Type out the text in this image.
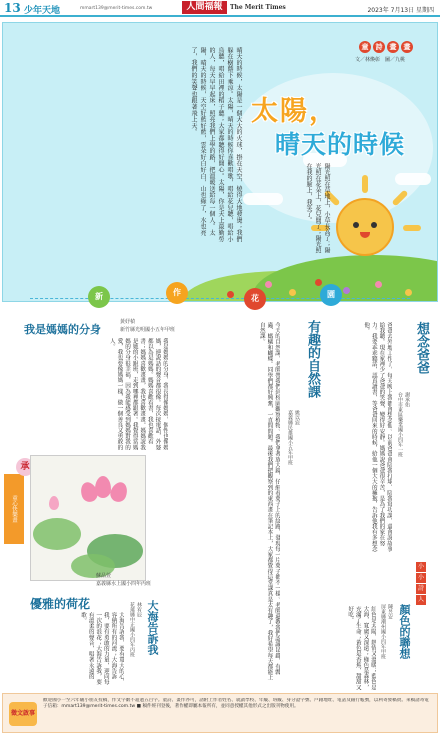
13 少年天地	mmart139@merit-times.com.tw	人間福報	The Merit Times	2023年 7月13日 星期四
童	詩	畫	畫
文／林煥彰　圖／九桃
太陽，
晴天的時候
晴天的時候，太陽是一個大大的火球，掛在天空，燒得大地發燙；我們躲在樹蔭下乘涼。太陽，晴天的時候你喜歡唱歌，唱給花兒聽，唱給小鳥聽，唱給田裡的稻子聽；大家都聽得好開心。太陽，你是天上最勤勞的人，每天早早起床，照亮我們上學的路，把溫暖送給每一個人。太陽，晴天的時候，天空好藍好藍，雲朵好白好白，山也綠了，水也亮了，我們的笑聲也跟著飛上天。
陽光照在草地上，小草長高了；陽光照在花朵上，花兒開了；陽光照在我的臉上，我笑了。
新	作
花	園
想念爸爸
謝承佑
台中市東區樂業國小四年一班
爸爸去外地工作了，每天晚上我都會想念他。以前爸爸會陪我打球、陪我寫功課，還會說故事給我聽。現在家裡少了爸爸的笑聲，變得好安靜。媽媽說爸爸很辛苦，是為了我們的家在努力。我要乖乖聽話，認真讀書，等爸爸回來的時候，給他一個大大的擁抱，告訴他我有多想念他。
有趣的自然課
姚以宸
嘉義縣民雄國小五年甲班
今天的自然課，老師帶我們到校園觀察植物。我們拿著放大鏡，仔細看葉子上的紋路，發現每一片葉子都不一樣。老師還教我們認識昆蟲，有瓢蟲、螞蟻和蝴蝶。同學們都好興奮，一直問問題。最後我們把觀察到的東西畫在筆記本上，大家都覺得這堂課真是太有趣了，我好希望每天都能上自然課。
我是媽媽的分身
黃妤楨
新竹縣光明國小五年甲班
我是媽媽的分身，我長得像媽媽，個性也像媽媽，連說話的聲音都很像。每次接電話，外婆都以為是媽媽。媽媽喜歡看書，我也喜歡看書；媽媽喜歡畫畫，我也喜歡畫畫。媽媽說我是她的小跟班，走到哪裡都跟著。我覺得當媽媽的分身很幸福，因為我能感受到媽媽對我的愛，我也要像媽媽一樣，做一個善良又勇敢的人。
童心快樂畫
承
蘇品萱
嘉義縣水上國小四年丙班
優雅的荷花	大海告訴我
林宥辰
花蓮縣中正國小四年丙班
大海告訴我，要有寬大的心，容納所有的河流；大海告訴我，要有勇敢的力量，迎向每一次的浪花；大海告訴我，要有溫柔的聲音，唱著永遠的歌。
小
小
詩
人
顏色的聯想
陳昱安
屏東縣潮州國小四年甲班
紅色是太陽，熱情又溫暖；藍色是大海，寬廣又深遠；綠色是森林，充滿了生命；黃色是香蕉，甜甜又好吃。
徵文啟事
歡迎國小一至六年級小朋友投稿，作文字數不超過五百字。童詩、畫作亦可，請附上作者姓名、就讀學校、年級、班級、身分證字號、戶籍地址、電話及銀行帳號，以利寄發稿費。來稿請寄電子信箱：mmart139@merit-times.com.tw ■ 稿件經刊登後，著作權即屬本報所有，並同意授權其他形式之出版刊物使用。
